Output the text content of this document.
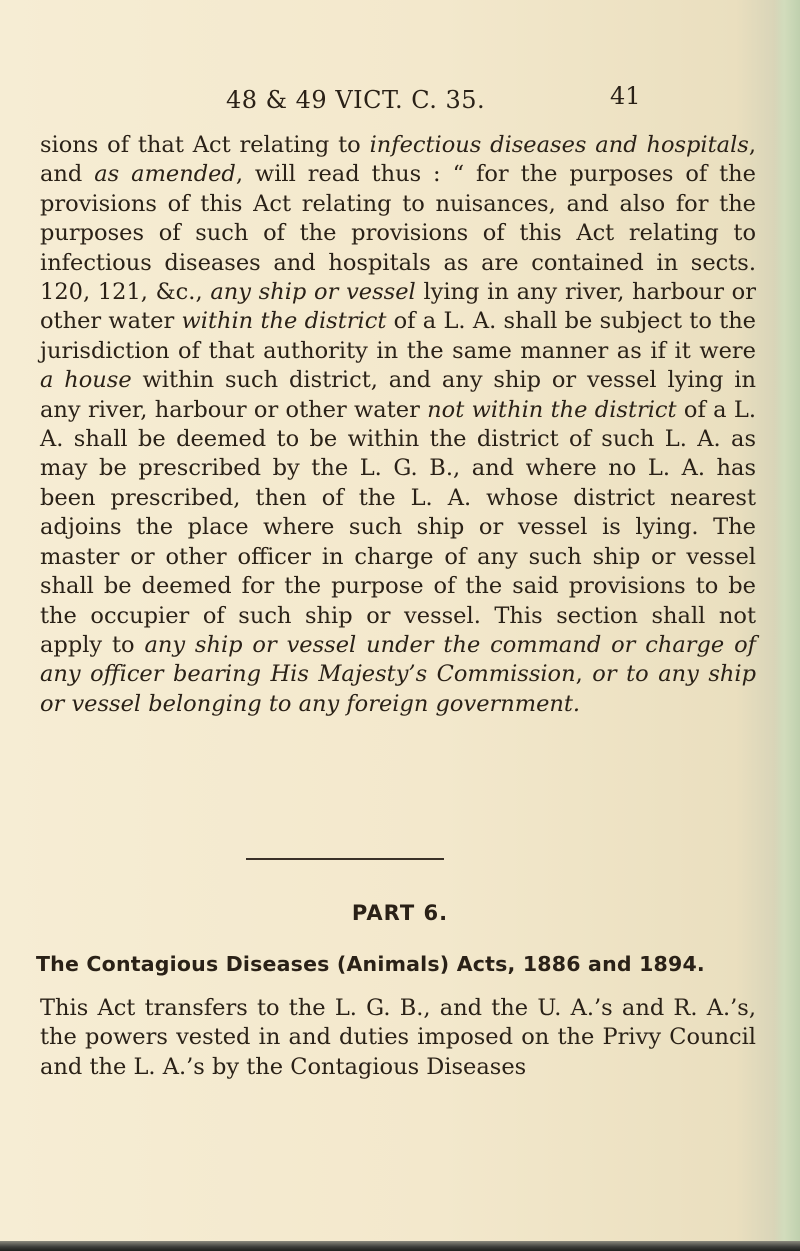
48 & 49 VICT. C. 35.	41

sions of that Act relating to infectious diseases and hospitals, and as amended, will read thus : “ for the purposes of the provisions of this Act relating to nuisances, and also for the purposes of such of the provisions of this Act relating to infectious diseases and hospitals as are contained in sects. 120, 121, &c., any ship or vessel lying in any river, harbour or other water within the district of a L. A. shall be subject to the jurisdiction of that authority in the same manner as if it were a house within such district, and any ship or vessel lying in any river, harbour or other water not within the district of a L. A. shall be deemed to be within the district of such L. A. as may be prescribed by the L. G. B., and where no L. A. has been prescribed, then of the L. A. whose district nearest adjoins the place where such ship or vessel is lying. The master or other officer in charge of any such ship or vessel shall be deemed for the purpose of the said provisions to be the occupier of such ship or vessel. This section shall not apply to any ship or vessel under the command or charge of any officer bearing His Majesty’s Commission, or to any ship or vessel belonging to any foreign government.

PART 6.
The Contagious Diseases (Animals) Acts, 1886 and 1894.

This Act transfers to the L. G. B., and the U. A.’s and R. A.’s, the powers vested in and duties imposed on the Privy Council and the L. A.’s by the Contagious Diseases
